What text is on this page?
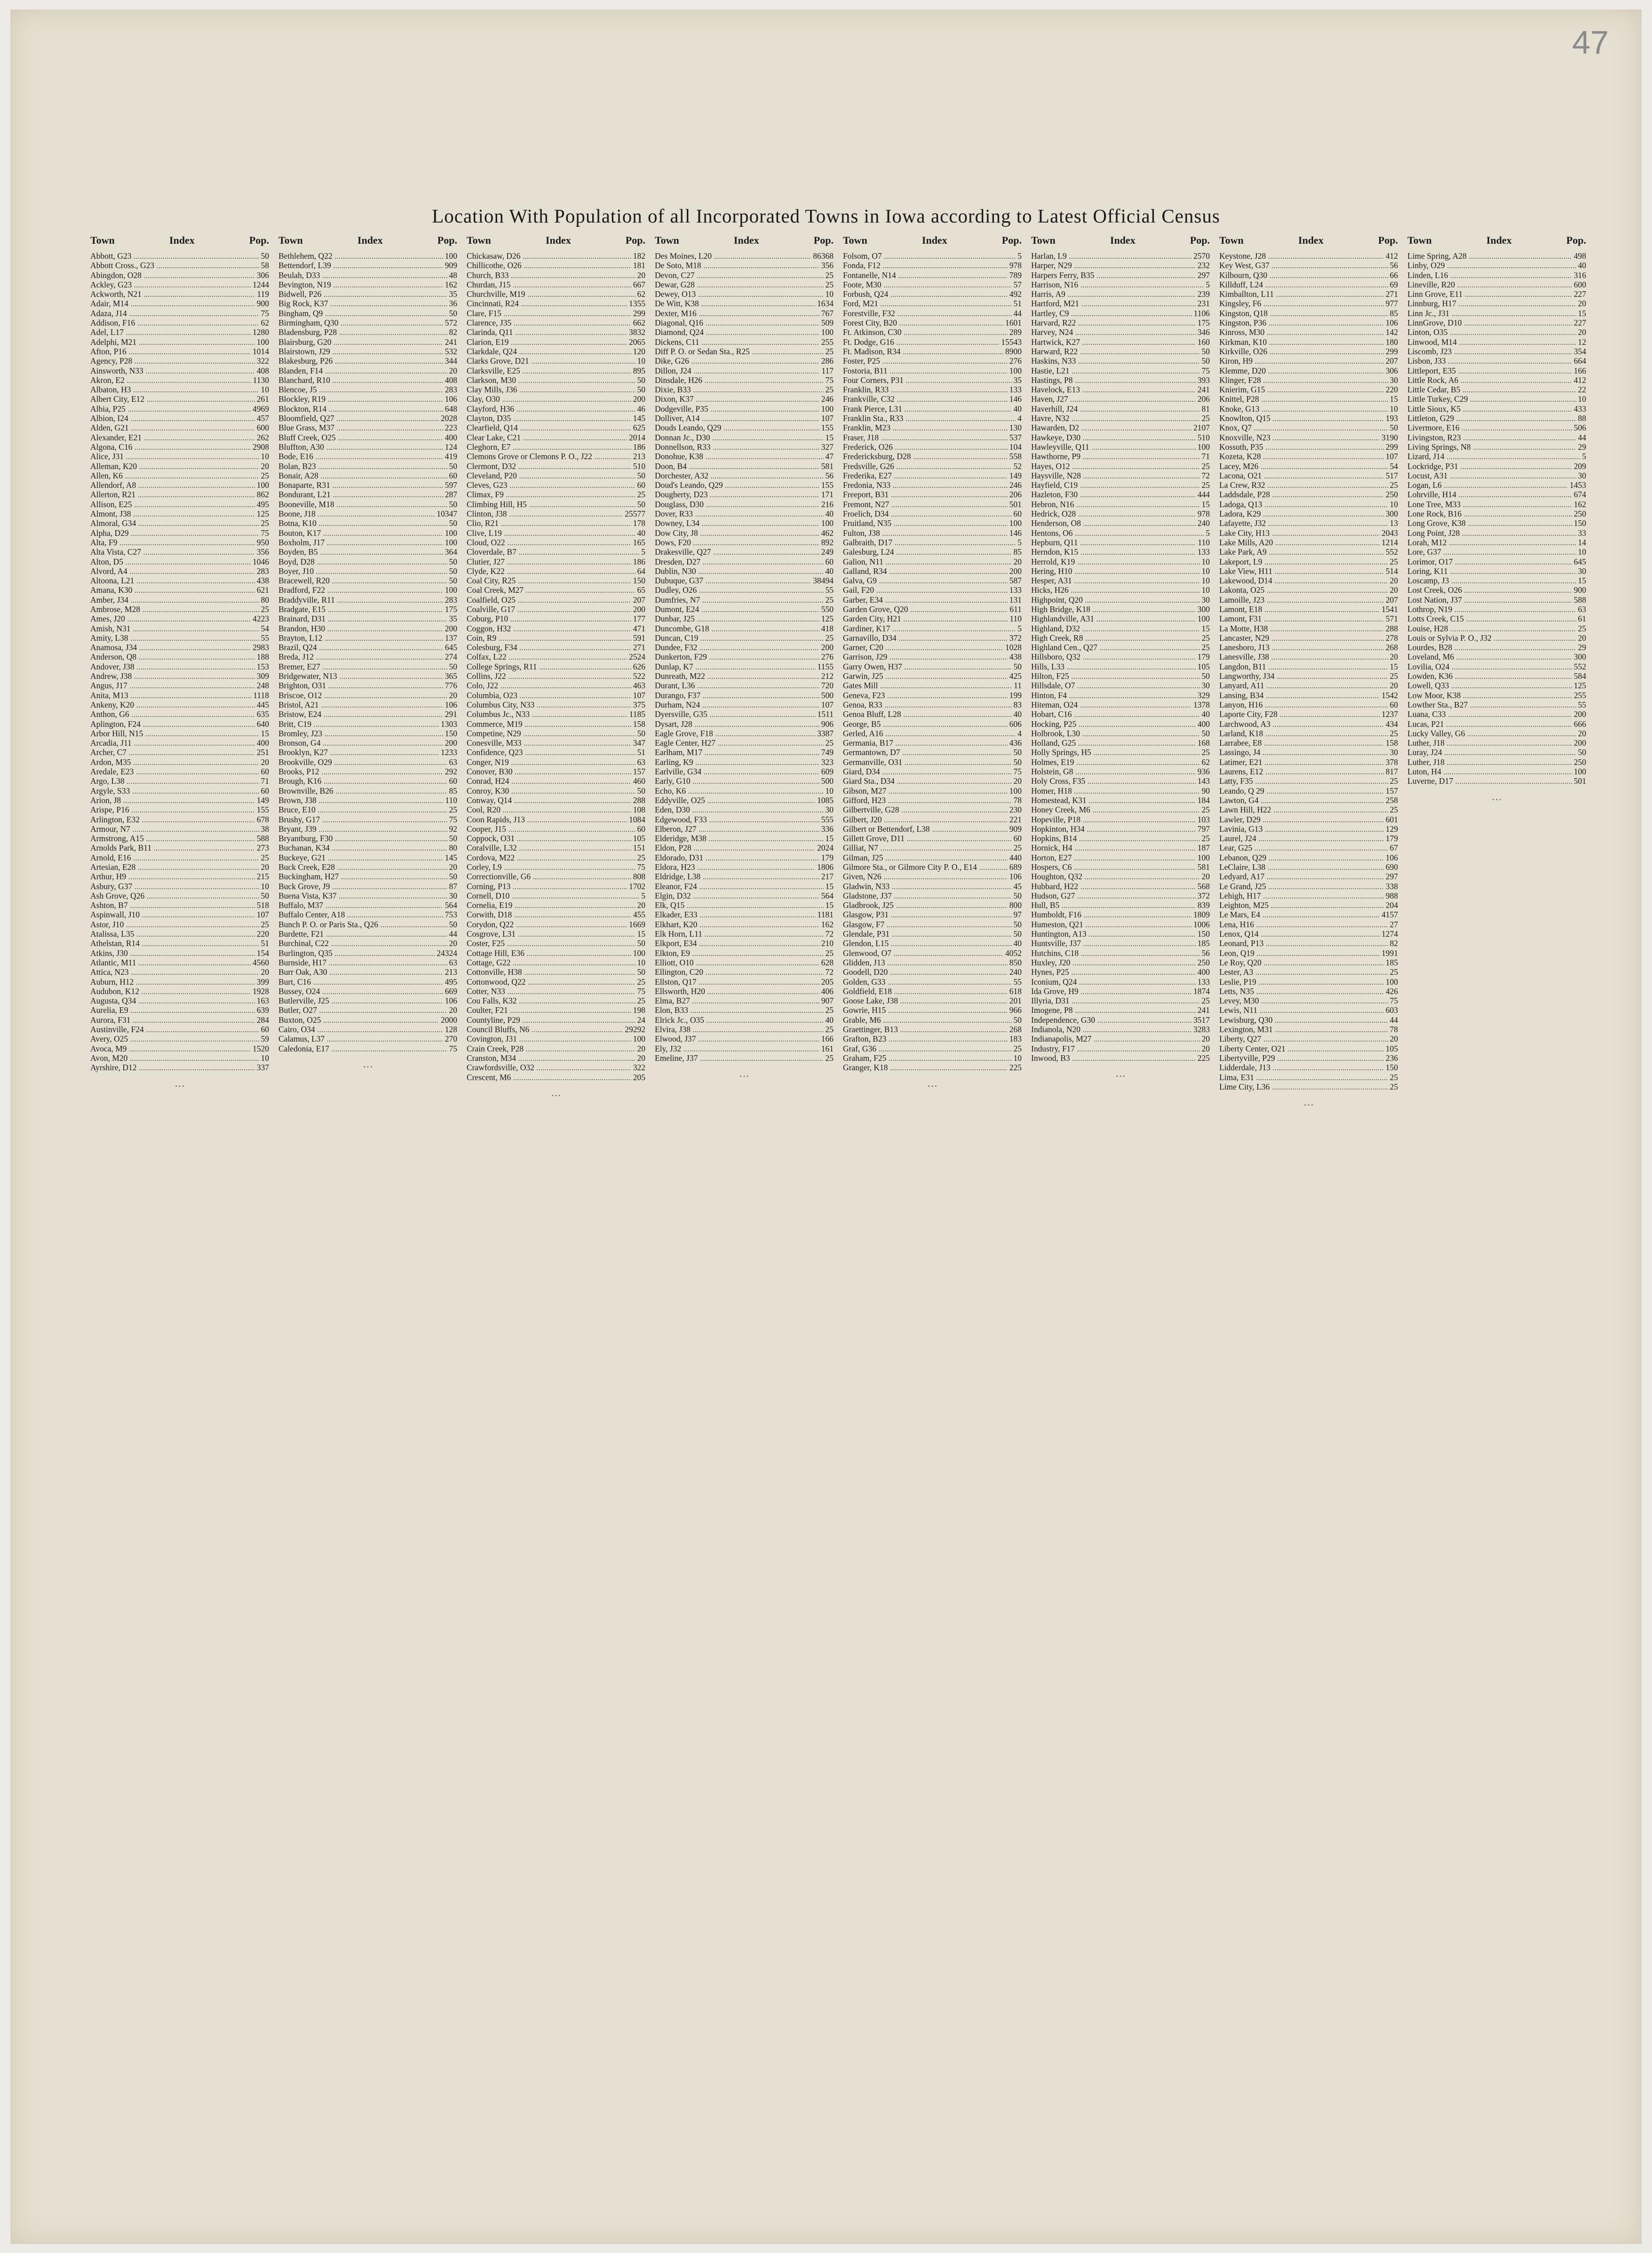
47
Location With Population of all Incorporated Towns in Iowa according to Latest Official Census
Town	Index	Pop.
Abbott, G23 .....	50
Abbott Cross., G23 .....	58
Abingdon, O28 .....	306
Ackley, G23 .....	1244
Ackworth, N21 .....	119
Adair, M14 .....	900
Adaza, J14 .....	75
Addison, F16 .....	62
Adel, L17 .....	1280
Adelphi, M21 .....	100
Afton, P16 .....	1014
Agency, P28 .....	322
Ainsworth, N33 .....	408
Akron, E2 .....	1130
Albaton, H3 .....	10
Albert City, E12 .....	261
Albia, P25 .....	4969
Albion, I24 .....	457
Alden, G21 .....	600
Alexander, E21 .....	262
Algona, C16 .....	2908
Alice, J31 .....	10
Alleman, K20 .....	20
Allen, K6 .....	25
Allendorf, A8 .....	100
Allerton, R21 .....	862
Allison, E25 .....	495
Almont, J38 .....	125
Almoral, G34 .....	25
Alpha, D29 .....	75
Alta, F9 .....	950
Alta Vista, C27 .....	356
Alton, D5 .....	1046
Alvord, A4 .....	283
Altoona, L21 .....	438
Amana, K30 .....	621
Amber, J34 .....	80
Ambrose, M28 .....	25
Ames, J20 .....	4223
Amish, N31 .....	54
Amity, L38 .....	55
Anamosa, J34 .....	2983
Anderson, Q8 .....	188
Andover, J38 .....	153
Andrew, J38 .....	309
Angus, J17 .....	248
Anita, M13 .....	1118
Ankeny, K20 .....	445
Anthon, G6 .....	635
Aplington, F24 .....	640
Arbor Hill, N15 .....	15
Arcadia, J11 .....	400
Archer, C7 .....	251
Ardon, M35 .....	20
Aredale, E23 .....	60
Argo, L38 .....	71
Argyle, S33 .....	60
Arion, J8 .....	149
Arispe, P16 .....	155
Arlington, E32 .....	678
Armour, N7 .....	38
Armstrong, A15 .....	588
Arnolds Park, B11 .....	273
Arnold, E16 .....	25
Artesian, E28 .....	20
Arthur, H9 .....	215
Asbury, G37 .....	10
Ash Grove, Q26 .....	50
Ashton, B7 .....	518
Aspinwall, J10 .....	107
Astor, J10 .....	25
Atalissa, L35 .....	220
Athelstan, R14 .....	51
Atkins, J30 .....	154
Atlantic, M11 .....	4560
Attica, N23 .....	20
Auburn, H12 .....	399
Audubon, K12 .....	1928
Augusta, Q34 .....	163
Aurelia, E9 .....	639
Aurora, F31 .....	284
Austinville, F24 .....	60
Avery, O25 .....	59
Avoca, M9 .....	1520
Avon, M20 .....	10
Ayrshire, D12 .....	337
…
Town	Index	Pop.
Bethlehem, Q22 .....	100
Bettendorf, L39 .....	909
Beulah, D33 .....	48
Bevington, N19 .....	162
Bidwell, P26 .....	35
Big Rock, K37 .....	36
Bingham, Q9 .....	50
Birmingham, Q30 .....	572
Bladensburg, P28 .....	82
Blairsburg, G20 .....	241
Blairstown, J29 .....	532
Blakesburg, P26 .....	344
Blanden, F14 .....	20
Blanchard, R10 .....	408
Blencoe, J5 .....	283
Blockley, R19 .....	106
Blockton, R14 .....	648
Bloomfield, Q27 .....	2028
Blue Grass, M37 .....	223
Bluff Creek, O25 .....	400
Bluffton, A30 .....	124
Bode, E16 .....	419
Bolan, B23 .....	50
Bonair, A28 .....	60
Bonaparte, R31 .....	597
Bondurant, L21 .....	287
Booneville, M18 .....	50
Boone, J18 .....	10347
Botna, K10 .....	50
Bouton, K17 .....	100
Boxholm, J17 .....	100
Boyden, B5 .....	364
Boyd, D28 .....	50
Boyer, J10 .....	50
Bracewell, R20 .....	50
Bradford, F22 .....	100
Braddyville, R11 .....	283
Bradgate, E15 .....	175
Brainard, D31 .....	35
Brandon, H30 .....	200
Brayton, L12 .....	137
Brazil, Q24 .....	645
Breda, J12 .....	274
Bremer, E27 .....	50
Bridgewater, N13 .....	365
Brighton, O31 .....	776
Briscoe, O12 .....	20
Bristol, A21 .....	106
Bristow, E24 .....	291
Britt, C19 .....	1303
Bromley, J23 .....	150
Bronson, G4 .....	200
Brooklyn, K27 .....	1233
Brookville, O29 .....	63
Brooks, P12 .....	292
Brough, K16 .....	60
Brownville, B26 .....	85
Brown, J38 .....	110
Bruce, E10 .....	25
Brushy, G17 .....	75
Bryant, J39 .....	92
Bryantburg, F30 .....	50
Buchanan, K34 .....	80
Buckeye, G21 .....	145
Buck Creek, E28 .....	20
Buckingham, H27 .....	50
Buck Grove, J9 .....	87
Buena Vista, K37 .....	30
Buffalo, M37 .....	564
Buffalo Center, A18 .....	753
Bunch P. O. or Paris Sta., Q26 .....	50
Burdette, F21 .....	44
Burchinal, C22 .....	20
Burlington, Q35 .....	24324
Burnside, H17 .....	63
Burr Oak, A30 .....	213
Burt, C16 .....	495
Bussey, O24 .....	669
Butlerville, J25 .....	106
Butler, O27 .....	20
Buxton, O25 .....	2000
Cairo, O34 .....	128
Calamus, L37 .....	270
Caledonia, E17 .....	75
…
Town	Index	Pop.
Chickasaw, D26 .....	182
Chillicothe, O26 .....	181
Church, B33 .....	20
Churdan, J15 .....	667
Churchville, M19 .....	62
Cincinnati, R24 .....	1355
Clare, F15 .....	299
Clarence, J35 .....	662
Clarinda, Q11 .....	3832
Clarion, E19 .....	2065
Clarkdale, Q24 .....	120
Clarks Grove, D21 .....	10
Clarksville, E25 .....	895
Clarkson, M30 .....	50
Clay Mills, J36 .....	50
Clay, O30 .....	200
Clayford, H36 .....	46
Clayton, D35 .....	145
Clearfield, Q14 .....	625
Clear Lake, C21 .....	2014
Cleghorn, E7 .....	186
Clemons Grove or Clemons P. O., J22 .....	213
Clermont, D32 .....	510
Cleveland, P20 .....	50
Cleves, G23 .....	60
Climax, F9 .....	25
Climbing Hill, H5 .....	50
Clinton, J38 .....	25577
Clio, R21 .....	178
Clive, L19 .....	40
Cloud, O22 .....	165
Cloverdale, B7 .....	5
Clutier, J27 .....	186
Clyde, K22 .....	64
Coal City, R25 .....	150
Coal Creek, M27 .....	65
Coalfield, O25 .....	207
Coalville, G17 .....	200
Coburg, P10 .....	177
Coggon, H32 .....	471
Coin, R9 .....	591
Colesburg, F34 .....	271
Colfax, L22 .....	2524
College Springs, R11 .....	626
Collins, J22 .....	522
Colo, J22 .....	463
Columbia, O23 .....	107
Columbus City, N33 .....	375
Columbus Jc., N33 .....	1185
Commerce, M19 .....	158
Competine, N29 .....	50
Conesville, M33 .....	347
Confidence, Q23 .....	51
Conger, N19 .....	63
Conover, B30 .....	157
Conrad, H24 .....	460
Conroy, K30 .....	50
Conway, Q14 .....	288
Cool, R20 .....	108
Coon Rapids, J13 .....	1084
Cooper, J15 .....	60
Coppock, O31 .....	105
Coralville, L32 .....	151
Cordova, M22 .....	25
Corley, L9 .....	75
Correctionville, G6 .....	808
Corning, P13 .....	1702
Cornell, D10 .....	5
Cornelia, E19 .....	20
Corwith, D18 .....	455
Corydon, Q22 .....	1669
Cosgrove, L31 .....	15
Coster, F25 .....	50
Cottage Hill, E36 .....	100
Cottage, G22 .....	10
Cottonville, H38 .....	50
Cottonwood, Q22 .....	25
Cotter, N33 .....	75
Cou Falls, K32 .....	25
Coulter, F21 .....	198
Countyline, P29 .....	24
Council Bluffs, N6 .....	29292
Covington, J31 .....	100
Crain Creek, P28 .....	20
Cranston, M34 .....	20
Crawfordsville, O32 .....	322
Crescent, M6 .....	205
…
Town	Index	Pop.
Des Moines, L20 .....	86368
De Soto, M18 .....	356
Devon, C27 .....	25
Dewar, G28 .....	25
Dewey, O13 .....	10
De Witt, K38 .....	1634
Dexter, M16 .....	767
Diagonal, Q16 .....	509
Diamond, Q24 .....	100
Dickens, C11 .....	255
Diff P. O. or Sedan Sta., R25 .....	25
Dike, G26 .....	286
Dillon, J24 .....	117
Dinsdale, H26 .....	75
Dixie, B33 .....	25
Dixon, K37 .....	246
Dodgeville, P35 .....	100
Dolliver, A14 .....	107
Douds Leando, Q29 .....	155
Donnan Jc., D30 .....	15
Donnellson, R33 .....	327
Donohue, K38 .....	47
Doon, B4 .....	581
Dorchester, A32 .....	56
Doud's Leando, Q29 .....	155
Dougherty, D23 .....	171
Douglass, D30 .....	216
Dover, R33 .....	40
Downey, L34 .....	100
Dow City, J8 .....	462
Dows, F20 .....	892
Drakesville, Q27 .....	249
Dresden, D27 .....	60
Dublin, N30 .....	40
Dubuque, G37 .....	38494
Dudley, O26 .....	55
Dumfries, N7 .....	25
Dumont, E24 .....	550
Dunbar, J25 .....	125
Duncombe, G18 .....	418
Duncan, C19 .....	25
Dundee, F32 .....	200
Dunkerton, F29 .....	276
Dunlap, K7 .....	1155
Dunreath, M22 .....	212
Durant, L36 .....	720
Durango, F37 .....	500
Durham, N24 .....	107
Dyersville, G35 .....	1511
Dysart, J28 .....	906
Eagle Grove, F18 .....	3387
Eagle Center, H27 .....	25
Earlham, M17 .....	749
Earling, K9 .....	323
Earlville, G34 .....	609
Early, G10 .....	500
Echo, K6 .....	10
Eddyville, O25 .....	1085
Eden, D30 .....	30
Edgewood, F33 .....	555
Elberon, J27 .....	336
Elderidge, M38 .....	15
Eldon, P28 .....	2024
Eldorado, D31 .....	179
Eldora, H23 .....	1806
Eldridge, L38 .....	217
Eleanor, F24 .....	15
Elgin, D32 .....	564
Elk, Q15 .....	15
Elkader, E33 .....	1181
Elkhart, K20 .....	162
Elk Horn, L11 .....	72
Elkport, E34 .....	210
Elkton, E9 .....	25
Elliott, O10 .....	628
Ellington, C20 .....	72
Ellston, Q17 .....	205
Ellsworth, H20 .....	406
Elma, B27 .....	907
Elon, B33 .....	25
Elrick Jc., O35 .....	40
Elvira, J38 .....	25
Elwood, J37 .....	166
Ely, J32 .....	161
Emeline, J37 .....	25
…
Town	Index	Pop.
Folsom, O7 .....	5
Fonda, F12 .....	978
Fontanelle, N14 .....	789
Foote, M30 .....	57
Forbush, Q24 .....	492
Ford, M21 .....	51
Forestville, F32 .....	44
Forest City, B20 .....	1601
Ft. Atkinson, C30 .....	289
Ft. Dodge, G16 .....	15543
Ft. Madison, R34 .....	8900
Foster, P25 .....	276
Fostoria, B11 .....	100
Four Corners, P31 .....	35
Franklin, R33 .....	133
Frankville, C32 .....	146
Frank Pierce, L31 .....	40
Franklin Sta., R33 .....	4
Franklin, M23 .....	130
Fraser, J18 .....	537
Frederick, O26 .....	104
Fredericksburg, D28 .....	558
Fredsville, G26 .....	52
Frederika, E27 .....	149
Fredonia, N33 .....	246
Freeport, B31 .....	206
Fremont, N27 .....	501
Froelich, D34 .....	60
Fruitland, N35 .....	100
Fulton, J38 .....	146
Galbraith, D17 .....	5
Galesburg, L24 .....	85
Galion, N11 .....	20
Galland, R34 .....	200
Galva, G9 .....	587
Gail, F20 .....	133
Garber, E34 .....	131
Garden Grove, Q20 .....	611
Garden City, H21 .....	110
Gardiner, K17 .....	5
Garnavillo, D34 .....	372
Garner, C20 .....	1028
Garrison, J29 .....	438
Garry Owen, H37 .....	50
Garwin, J25 .....	425
Gates Mill .....	11
Geneva, F23 .....	199
Genoa, R33 .....	83
Genoa Bluff, L28 .....	40
George, B5 .....	606
Gerled, A16 .....	4
Germania, B17 .....	436
Germantown, D7 .....	50
Germanville, O31 .....	50
Giard, D34 .....	75
Giard Sta., D34 .....	20
Gibson, M27 .....	100
Gifford, H23 .....	78
Gilbertville, G28 .....	230
Gilbert, J20 .....	221
Gilbert or Bettendorf, L38 .....	909
Gillett Grove, D11 .....	60
Gilliat, N7 .....	25
Gilman, J25 .....	440
Gilmore Sta., or Gilmore City P. O., E14 .....	689
Given, N26 .....	106
Gladwin, N33 .....	45
Gladstone, J37 .....	50
Gladbrook, J25 .....	800
Glasgow, P31 .....	97
Glasgow, F7 .....	50
Glendale, P31 .....	50
Glendon, L15 .....	40
Glenwood, O7 .....	4052
Glidden, J13 .....	850
Goodell, D20 .....	240
Golden, G33 .....	55
Goldfield, E18 .....	618
Goose Lake, J38 .....	201
Gowrie, H15 .....	966
Grable, M6 .....	50
Graettinger, B13 .....	268
Grafton, B23 .....	183
Graf, G36 .....	25
Graham, F25 .....	10
Granger, K18 .....	225
…
Town	Index	Pop.
Harlan, L9 .....	2570
Harper, N29 .....	232
Harpers Ferry, B35 .....	297
Harrison, N16 .....	5
Harris, A9 .....	239
Hartford, M21 .....	231
Hartley, C9 .....	1106
Harvard, R22 .....	175
Harvey, N24 .....	346
Hartwick, K27 .....	160
Harward, R22 .....	50
Haskins, N33 .....	50
Hastie, L21 .....	75
Hastings, P8 .....	393
Havelock, E13 .....	241
Haven, J27 .....	206
Haverhill, J24 .....	81
Havre, N32 .....	25
Hawarden, D2 .....	2107
Hawkeye, D30 .....	510
Hawleyville, Q11 .....	100
Hawthorne, P9 .....	71
Hayes, O12 .....	25
Haysville, N28 .....	72
Hayfield, C19 .....	25
Hazleton, F30 .....	444
Hebron, N16 .....	15
Hedrick, O28 .....	978
Henderson, O8 .....	240
Hentons, O6 .....	5
Hepburn, Q11 .....	110
Herndon, K15 .....	133
Herrold, K19 .....	10
Hering, H10 .....	10
Hesper, A31 .....	10
Hicks, H26 .....	10
Highpoint, Q20 .....	30
High Bridge, K18 .....	300
Highlandville, A31 .....	100
Highland, D32 .....	15
High Creek, R8 .....	25
Highland Cen., Q27 .....	25
Hillsboro, Q32 .....	179
Hills, L33 .....	105
Hilton, F25 .....	50
Hillsdale, O7 .....	30
Hinton, F4 .....	329
Hiteman, O24 .....	1378
Hobart, C16 .....	40
Hocking, P25 .....	400
Holbrook, L30 .....	50
Holland, G25 .....	168
Holly Springs, H5 .....	25
Holmes, E19 .....	62
Holstein, G8 .....	936
Holy Cross, F35 .....	143
Homer, H18 .....	90
Homestead, K31 .....	184
Honey Creek, M6 .....	25
Hopeville, P18 .....	103
Hopkinton, H34 .....	797
Hopkins, B14 .....	25
Hornick, H4 .....	187
Horton, E27 .....	100
Hospers, C6 .....	581
Houghton, Q32 .....	20
Hubbard, H22 .....	568
Hudson, G27 .....	372
Hull, B5 .....	839
Humboldt, F16 .....	1809
Humeston, Q21 .....	1006
Huntington, A13 .....	150
Huntsville, J37 .....	185
Hutchins, C18 .....	56
Huxley, J20 .....	250
Hynes, P25 .....	400
Iconium, Q24 .....	133
Ida Grove, H9 .....	1874
Illyria, D31 .....	25
Imogene, P8 .....	241
Independence, G30 .....	3517
Indianola, N20 .....	3283
Indianapolis, M27 .....	20
Industry, F17 .....	20
Inwood, B3 .....	225
…
Town	Index	Pop.
Keystone, J28 .....	412
Key West, G37 .....	56
Kilbourn, Q30 .....	66
Killduff, L24 .....	69
Kimballton, L11 .....	271
Kingsley, F6 .....	977
Kingston, Q18 .....	85
Kingston, P36 .....	106
Kinross, M30 .....	142
Kirkman, K10 .....	180
Kirkville, O26 .....	299
Kiron, H9 .....	207
Klemme, D20 .....	306
Klinger, F28 .....	30
Knierim, G15 .....	220
Knittel, P28 .....	15
Knoke, G13 .....	10
Knowlton, Q15 .....	193
Knox, Q7 .....	50
Knoxville, N23 .....	3190
Kossuth, P35 .....	299
Kozeta, K28 .....	107
Lacey, M26 .....	54
Lacona, O21 .....	517
La Crew, R32 .....	25
Laddsdale, P28 .....	250
Ladoga, Q13 .....	10
Ladora, K29 .....	300
Lafayette, J32 .....	13
Lake City, H13 .....	2043
Lake Mills, A20 .....	1214
Lake Park, A9 .....	552
Lakeport, L9 .....	25
Lake View, H11 .....	514
Lakewood, D14 .....	20
Lakonta, O25 .....	20
Lamoille, J23 .....	207
Lamont, E18 .....	1541
Lamont, F31 .....	571
La Motte, H38 .....	288
Lancaster, N29 .....	278
Lanesboro, J13 .....	268
Lanesville, J38 .....	20
Langdon, B11 .....	15
Langworthy, J34 .....	25
Lanyard, A11 .....	20
Lansing, B34 .....	1542
Lanyon, H16 .....	60
Laporte City, F28 .....	1237
Larchwood, A3 .....	434
Larland, K18 .....	25
Larrabee, E8 .....	158
Lassingo, J4 .....	30
Latimer, E21 .....	378
Laurens, E12 .....	817
Latty, F35 .....	25
Leando, Q 29 .....	157
Lawton, G4 .....	258
Lawn Hill, H22 .....	25
Lawler, D29 .....	601
Lavinia, G13 .....	129
Laurel, J24 .....	179
Lear, G25 .....	67
Lebanon, Q29 .....	106
LeClaire, L38 .....	690
Ledyard, A17 .....	297
Le Grand, J25 .....	338
Lehigh, H17 .....	988
Leighton, M25 .....	204
Le Mars, E4 .....	4157
Lena, H16 .....	27
Lenox, Q14 .....	1274
Leonard, P13 .....	82
Leon, Q19 .....	1991
Le Roy, Q20 .....	185
Lester, A3 .....	25
Leslie, P19 .....	100
Letts, N35 .....	426
Levey, M30 .....	75
Lewis, N11 .....	603
Lewisburg, Q30 .....	44
Lexington, M31 .....	78
Liberty, Q27 .....	20
Liberty Center, O21 .....	105
Libertyville, P29 .....	236
Lidderdale, J13 .....	150
Lima, E31 .....	25
Lime City, L36 .....	25
…
Town	Index	Pop.
Lime Spring, A28 .....	498
Linby, O29 .....	40
Linden, L16 .....	316
Lineville, R20 .....	600
Linn Grove, E11 .....	227
Linnburg, H17 .....	20
Linn Jc., J31 .....	15
LinnGrove, D10 .....	227
Linton, O35 .....	20
Linwood, M14 .....	12
Liscomb, J23 .....	354
Lisbon, J33 .....	664
Littleport, E35 .....	166
Little Rock, A6 .....	412
Little Cedar, B5 .....	22
Little Turkey, C29 .....	10
Little Sioux, K5 .....	433
Littleton, G29 .....	88
Livermore, E16 .....	506
Livingston, R23 .....	44
Living Springs, N8 .....	29
Lizard, J14 .....	5
Lockridge, P31 .....	209
Locust, A31 .....	30
Logan, L6 .....	1453
Lohrville, H14 .....	674
Lone Tree, M33 .....	162
Lone Rock, B16 .....	250
Long Grove, K38 .....	150
Long Point, J28 .....	33
Lorah, M12 .....	14
Lore, G37 .....	10
Lorimor, O17 .....	645
Loring, K11 .....	30
Loscamp, J3 .....	15
Lost Creek, O26 .....	900
Lost Nation, J37 .....	588
Lothrop, N19 .....	63
Lotts Creek, C15 .....	61
Louise, H28 .....	25
Louis or Sylvia P. O., J32 .....	20
Lourdes, B28 .....	29
Loveland, M6 .....	300
Lovilia, O24 .....	552
Lowden, K36 .....	584
Lowell, Q33 .....	125
Low Moor, K38 .....	255
Lowther Sta., B27 .....	55
Luana, C33 .....	200
Lucas, P21 .....	666
Lucky Valley, G6 .....	20
Luther, J18 .....	200
Luray, J24 .....	50
Luther, J18 .....	250
Luton, H4 .....	100
Luverne, D17 .....	501
…
